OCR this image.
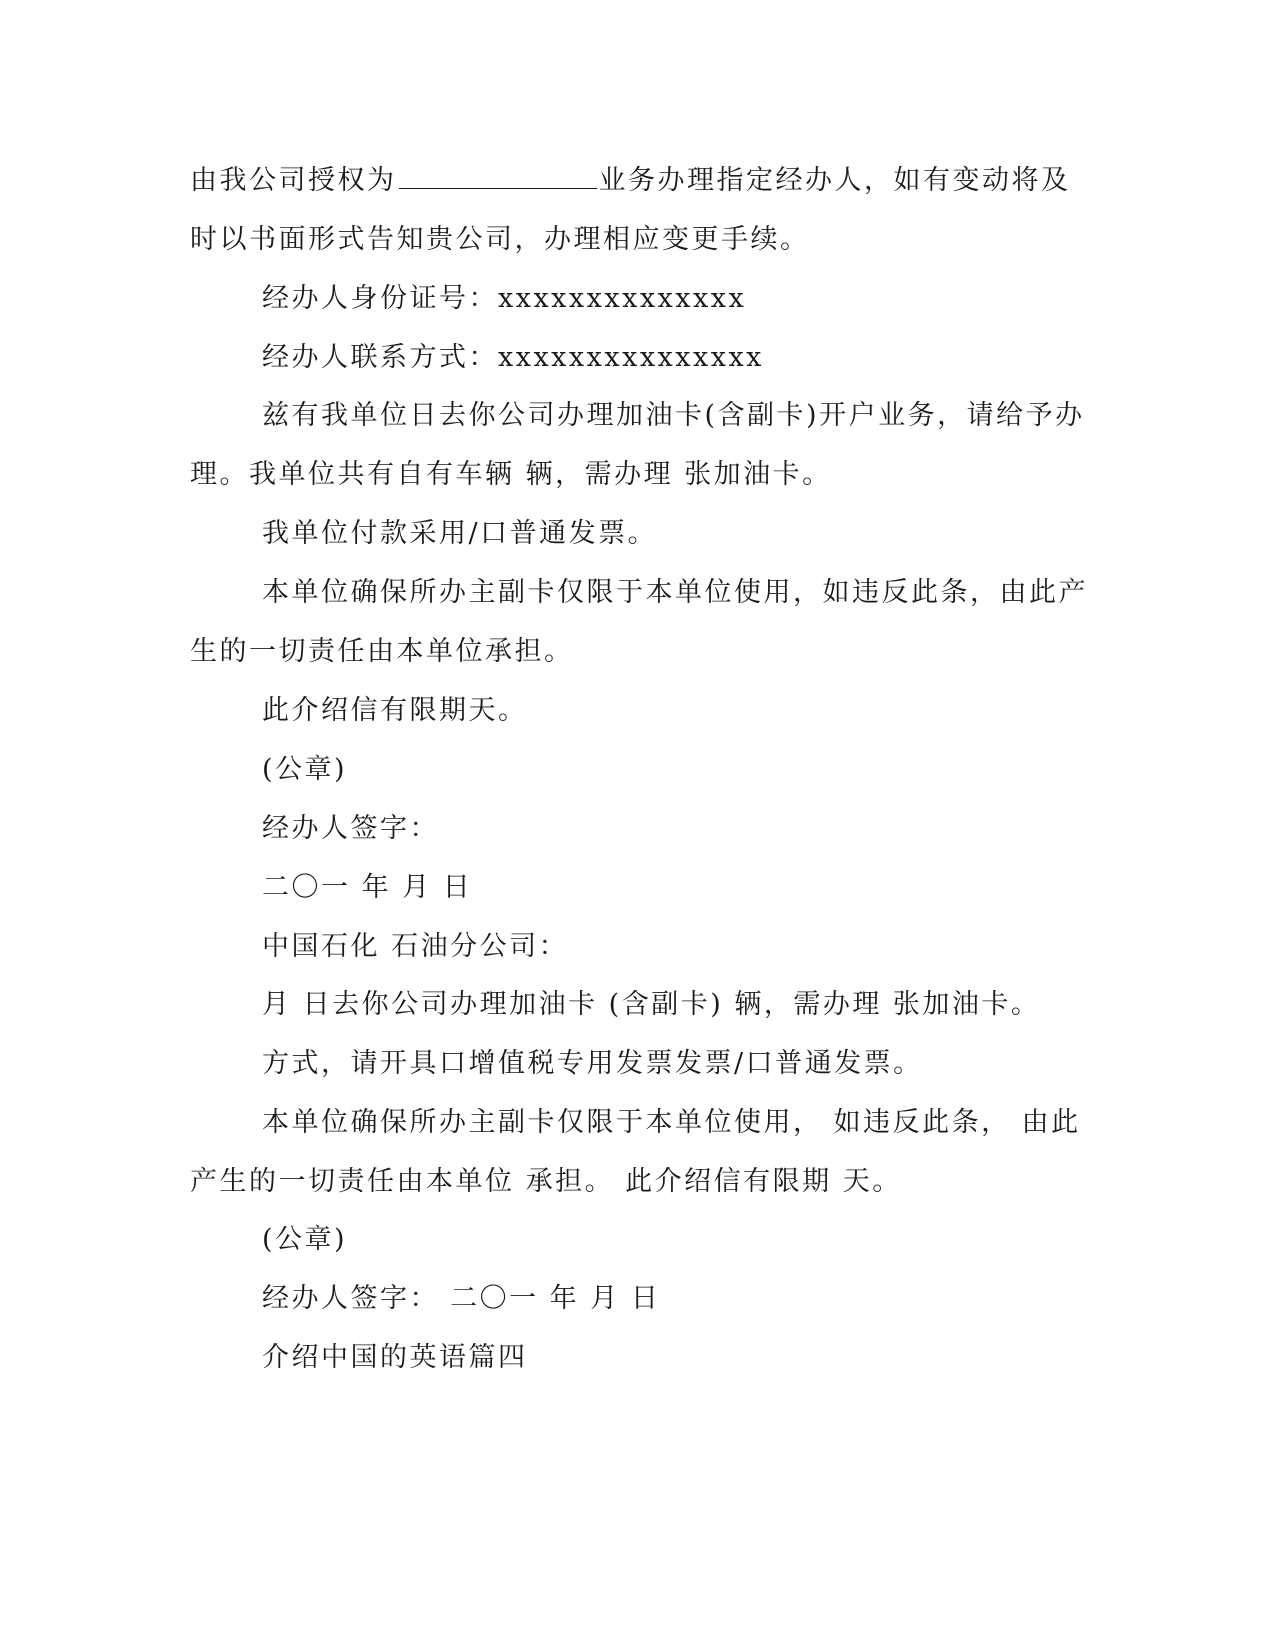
由我公司授权为	业务办理指定经办人，如有变动将及
时以书面形式告知贵公司，办理相应变更手续。
经办人身份证号：xxxxxxxxxxxxxx
经办人联系方式：xxxxxxxxxxxxxxx
兹有我单位日去你公司办理加油卡(含副卡)开户业务，请给予办
理。我单位共有自有车辆 辆，需办理 张加油卡。
我单位付款采用/口普通发票。
本单位确保所办主副卡仅限于本单位使用，如违反此条，由此产
生的一切责任由本单位承担。
此介绍信有限期天。
(公章)
经办人签字：
二〇一 年 月 日
中国石化 石油分公司：
月 日去你公司办理加油卡 (含副卡) 辆，需办理 张加油卡。
方式，请开具口增值税专用发票发票/口普通发票。
本单位确保所办主副卡仅限于本单位使用， 如违反此条， 由此
产生的一切责任由本单位 承担。 此介绍信有限期 天。
(公章)
经办人签字： 二〇一 年 月 日
介绍中国的英语篇四
